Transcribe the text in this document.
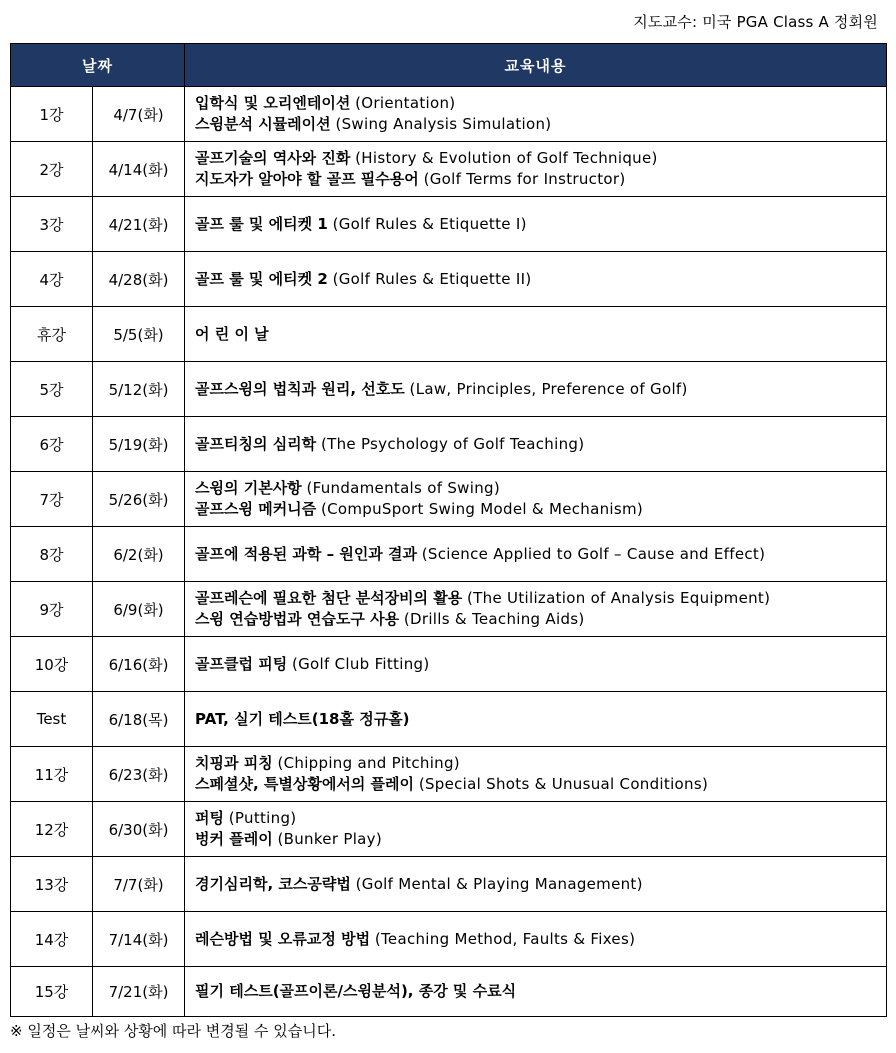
지도교수: 미국 PGA Class A 정회원
날짜		교육내용
1강	4/7(화)	입학식 및 오리엔테이션 (Orientation)
스윙분석 시뮬레이션 (Swing Analysis Simulation)

2강	4/14(화)	골프기술의 역사와 진화 (History & Evolution of Golf Technique)
지도자가 알아야 할 골프 필수용어 (Golf Terms for Instructor)

3강	4/21(화)	골프 룰 및 에티켓 1 (Golf Rules & Etiquette I)

4강	4/28(화)	골프 룰 및 에티켓 2 (Golf Rules & Etiquette II)

휴강	5/5(화)	어 린 이 날

5강	5/12(화)	골프스윙의 법칙과 원리, 선호도 (Law, Principles, Preference of Golf)

6강	5/19(화)	골프티칭의 심리학 (The Psychology of Golf Teaching)

7강	5/26(화)	스윙의 기본사항 (Fundamentals of Swing)
골프스윙 메커니즘 (CompuSport Swing Model & Mechanism)

8강	6/2(화)	골프에 적용된 과학 – 원인과 결과 (Science Applied to Golf – Cause and Effect)

9강	6/9(화)	골프레슨에 필요한 첨단 분석장비의 활용 (The Utilization of Analysis Equipment)
스윙 연습방법과 연습도구 사용 (Drills & Teaching Aids)

10강	6/16(화)	골프클럽 피팅 (Golf Club Fitting)

Test	6/18(목)	PAT, 실기 테스트(18홀 정규홀)

11강	6/23(화)	치핑과 피칭 (Chipping and Pitching)
스페셜샷, 특별상황에서의 플레이 (Special Shots & Unusual Conditions)

12강	6/30(화)	퍼팅 (Putting)
벙커 플레이 (Bunker Play)

13강	7/7(화)	경기심리학, 코스공략법 (Golf Mental & Playing Management)

14강	7/14(화)	레슨방법 및 오류교정 방법 (Teaching Method, Faults & Fixes)

15강	7/21(화)	필기 테스트(골프이론/스윙분석), 종강 및 수료식
※ 일정은 날씨와 상황에 따라 변경될 수 있습니다.
